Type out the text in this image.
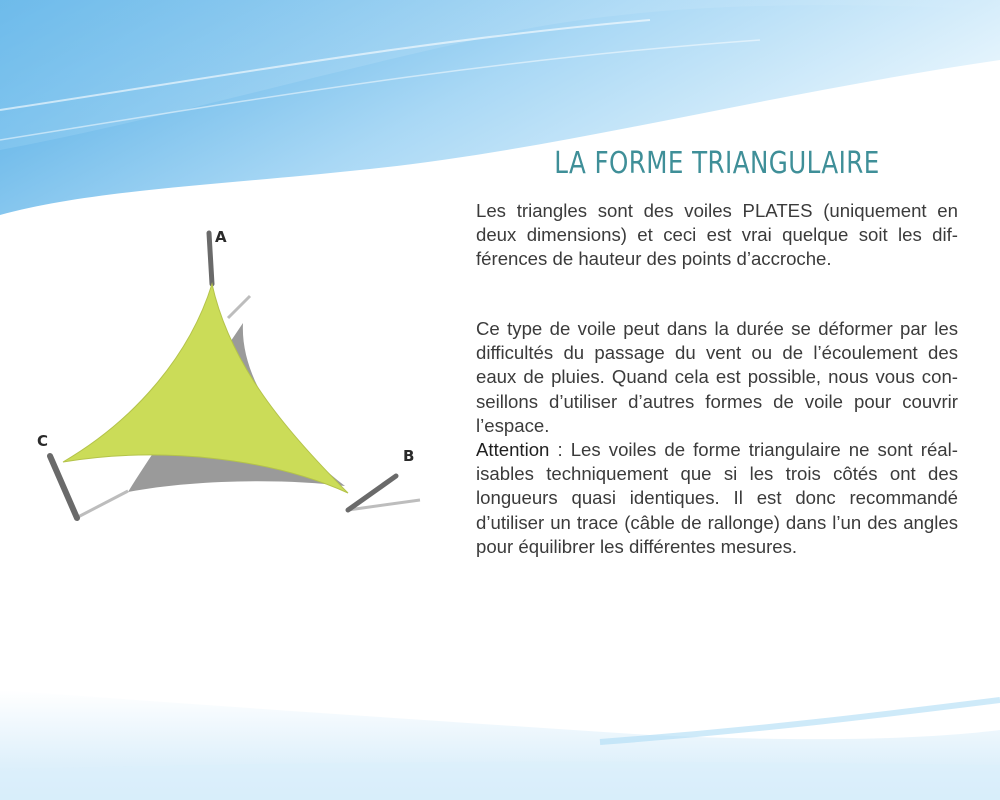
A
C
B
LA FORME TRIANGULAIRE

Les triangles sont des voiles PLATES (uniquement en deux dimensions) et ceci est vrai quelque soit les différences de hauteur des points d’accroche.

Ce type de voile peut dans la durée se déformer par les difficultés du passage du vent ou de l’écoulement des eaux de pluies. Quand cela est possible, nous vous conseillons d’utiliser d’autres formes de voile pour couvrir l’espace.

Attention : Les voiles de forme triangulaire ne sont réalisables techniquement que si les trois côtés ont des longueurs quasi identiques. Il est donc recommandé d’utiliser un trace (câble de rallonge) dans l’un des angles pour équilibrer les différentes mesures.
